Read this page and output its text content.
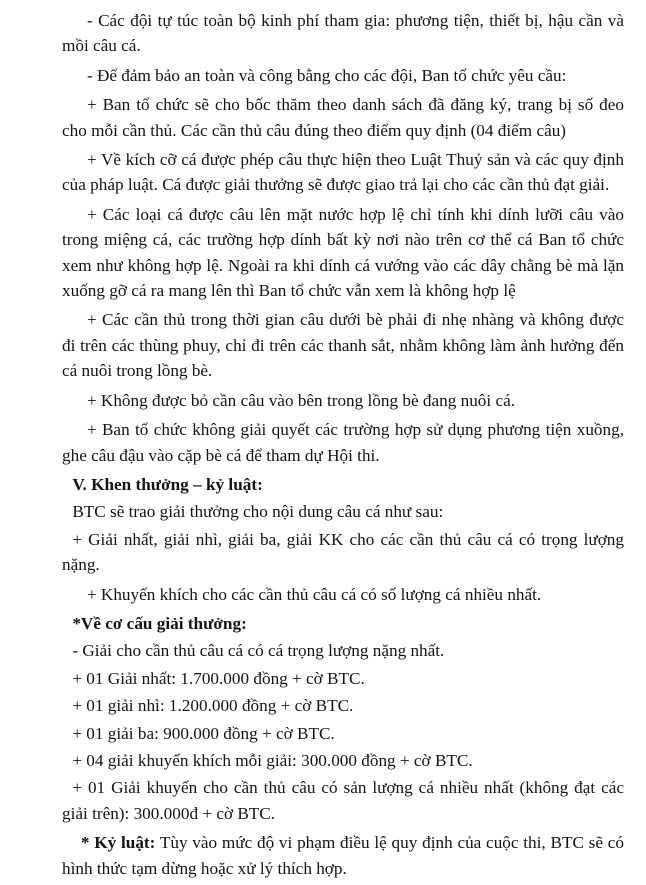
- Các đội tự túc toàn bộ kinh phí tham gia: phương tiện, thiết bị, hậu cần và mồi câu cá.

- Để đảm bảo an toàn và công bằng cho các đội, Ban tổ chức yêu cầu:

+ Ban tổ chức sẽ cho bốc thăm theo danh sách đã đăng ký, trang bị số đeo cho mỗi cần thủ. Các cần thủ câu đúng theo điểm quy định (04 điểm câu)

+ Về kích cỡ cá được phép câu thực hiện theo Luật Thuỷ sản và các quy định của pháp luật. Cá được giải thưởng sẽ được giao trả lại cho các cần thủ đạt giải.

+ Các loại cá được câu lên mặt nước hợp lệ chỉ tính khi dính lưỡi câu vào trong miệng cá, các trường hợp dính bất kỳ nơi nào trên cơ thể cá Ban tổ chức xem như không hợp lệ. Ngoài ra khi dính cá vướng vào các dây chằng bè mà lặn xuống gỡ cá ra mang lên thì Ban tổ chức vẫn xem là không hợp lệ

+ Các cần thủ trong thời gian câu dưới bè phải đi nhẹ nhàng và không được đi trên các thùng phuy, chỉ đi trên các thanh sắt, nhằm không làm ảnh hưởng đến cá nuôi trong lồng bè.

+ Không được bỏ cần câu vào bên trong lồng bè đang nuôi cá.

+ Ban tổ chức không giải quyết các trường hợp sử dụng phương tiện xuồng, ghe câu đậu vào cặp bè cá để tham dự Hội thi.

V. Khen thưởng – kỷ luật:

BTC sẽ trao giải thưởng cho nội dung câu cá như sau:

+ Giải nhất, giải nhì, giải ba, giải KK cho các cần thủ câu cá có trọng lượng nặng.

+ Khuyến khích cho các cần thủ câu cá có số lượng cá nhiều nhất.

*Về cơ cấu giải thưởng:

- Giải cho cần thủ câu cá có cá trọng lượng nặng nhất.

+ 01 Giải nhất: 1.700.000 đồng + cờ BTC.

+ 01 giải nhì: 1.200.000 đồng + cờ BTC.

+ 01 giải ba: 900.000 đồng + cờ BTC.

+ 04 giải khuyến khích mỗi giải: 300.000 đồng + cờ BTC.

+ 01 Giải khuyến cho cần thủ câu có sản lượng cá nhiều nhất (không đạt các giải trên): 300.000đ + cờ BTC.

* Kỷ luật: Tùy vào mức độ vi phạm điều lệ quy định của cuộc thi, BTC sẽ có hình thức tạm dừng hoặc xử lý thích hợp.
